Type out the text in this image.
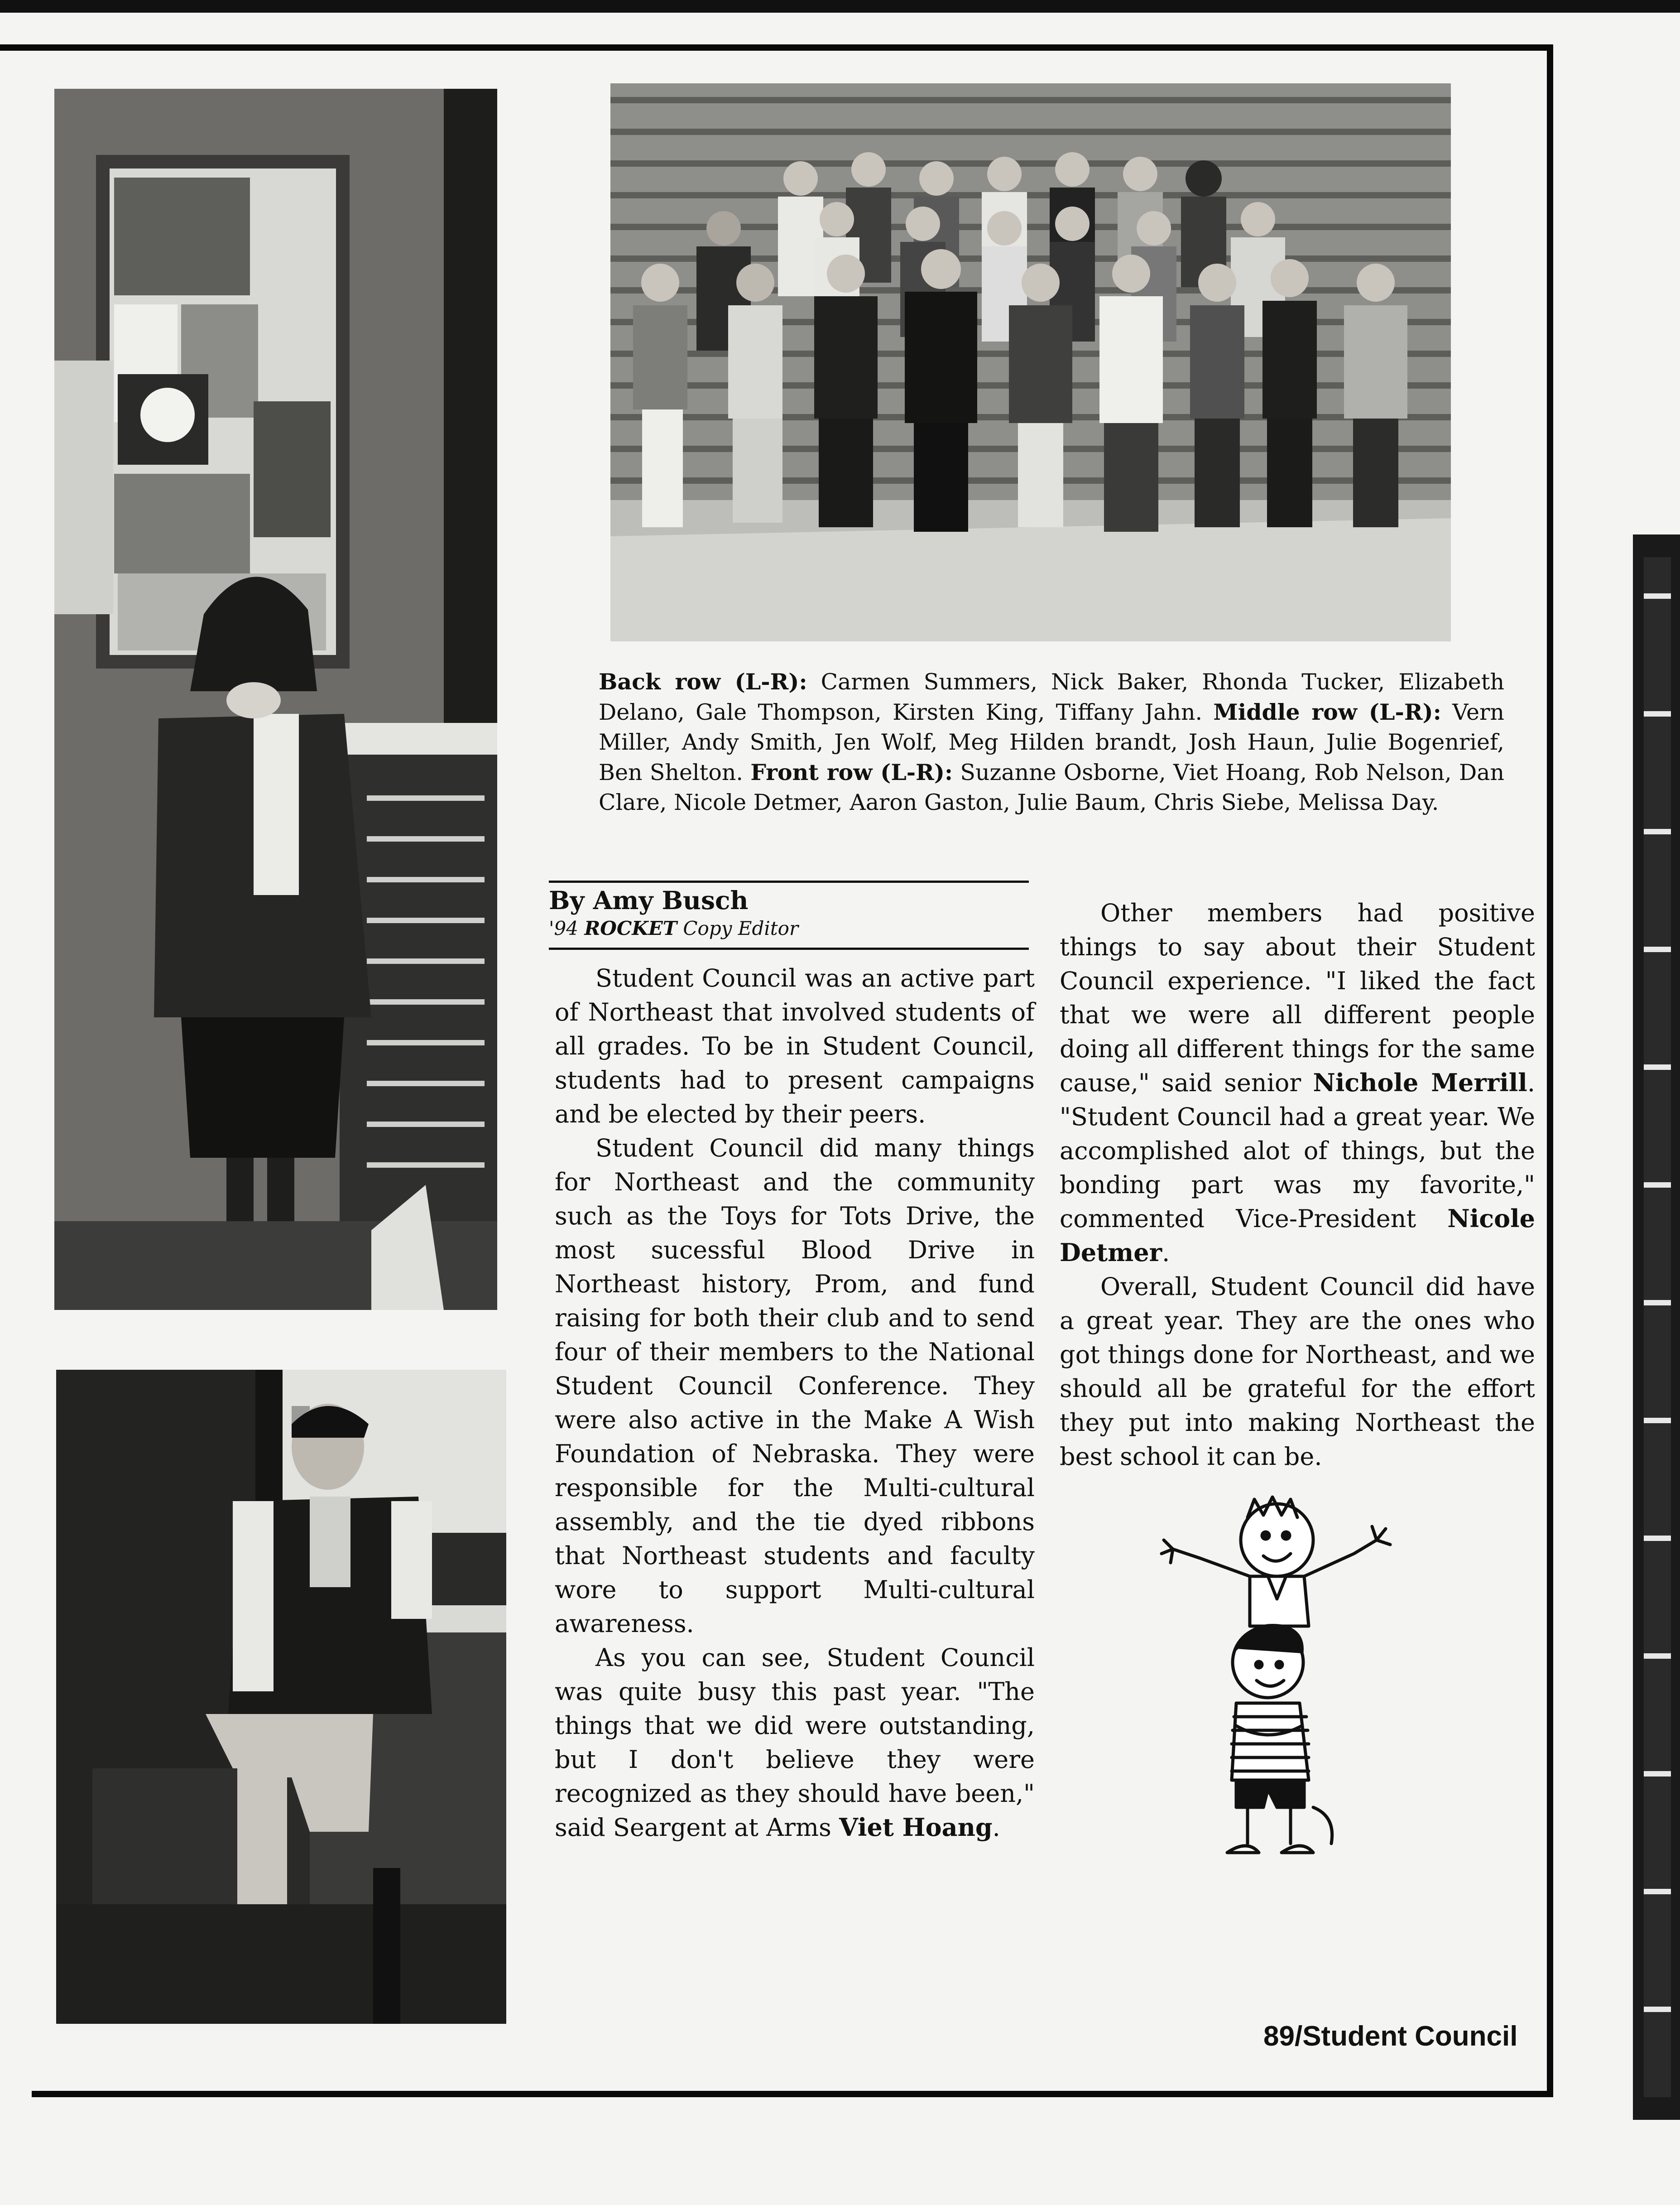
Back row (L-R): Carmen Summers, Nick Baker, Rhonda Tucker, Elizabeth Delano, Gale Thompson, Kirsten King, Tiffany Jahn. Middle row (L-R): Vern Miller, Andy Smith, Jen Wolf, Meg Hilden brandt, Josh Haun, Julie Bogenrief, Ben Shelton. Front row (L-R): Suzanne Osborne, Viet Hoang, Rob Nelson, Dan Clare, Nicole Detmer, Aaron Gaston, Julie Baum, Chris Siebe, Melissa Day.
By Amy Busch
'94 ROCKET Copy Editor

Student Council was an active part of Northeast that involved students of all grades. To be in Student Council, students had to present campaigns and be elected by their peers.

Student Council did many things for Northeast and the community such as the Toys for Tots Drive, the most sucessful Blood Drive in Northeast history, Prom, and fund raising for both their club and to send four of their members to the National Student Council Conference. They were also active in the Make A Wish Foundation of Nebraska. They were responsible for the Multi-cultural assembly, and the tie dyed ribbons that Northeast students and faculty wore to support Multi-cultural awareness.

As you can see, Student Council was quite busy this past year. "The things that we did were outstanding, but I don't believe they were recognized as they should have been," said Seargent at Arms Viet Hoang.

Other members had positive things to say about their Student Council experience. "I liked the fact that we were all different people doing all different things for the same cause," said senior Nichole Merrill. "Student Council had a great year. We accomplished alot of things, but the bonding part was my favorite," commented Vice-President Nicole Detmer.

Overall, Student Council did have a great year. They are the ones who got things done for Northeast, and we should all be grateful for the effort they put into making Northeast the best school it can be.

89/Student Council
